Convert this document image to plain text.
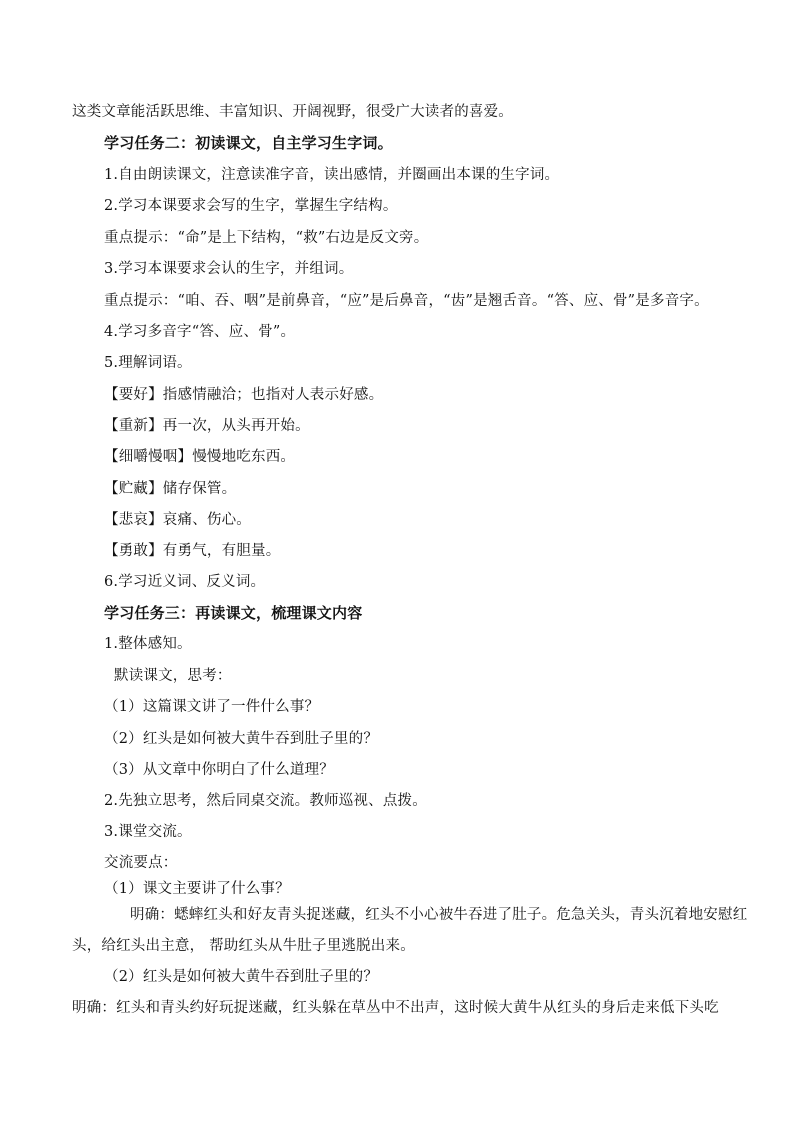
这类文章能活跃思维、丰富知识、开阔视野，很受广大读者的喜爱。
学习任务二：初读课文，自主学习生字词。
1.自由朗读课文，注意读准字音，读出感情，并圈画出本课的生字词。
2.学习本课要求会写的生字，掌握生字结构。
重点提示：“命”是上下结构，“救”右边是反文旁。
3.学习本课要求会认的生字，并组词。
重点提示：“咱、吞、咽”是前鼻音，“应”是后鼻音，“齿”是翘舌音。“答、应、骨”是多音字。
4.学习多音字“答、应、骨”。
5.理解词语。
【要好】指感情融洽；也指对人表示好感。
【重新】再一次，从头再开始。
【细嚼慢咽】慢慢地吃东西。
【贮藏】储存保管。
【悲哀】哀痛、伤心。
【勇敢】有勇气，有胆量。
6.学习近义词、反义词。
学习任务三：再读课文，梳理课文内容
1.整体感知。
默读课文，思考：
（1）这篇课文讲了一件什么事？
（2）红头是如何被大黄牛吞到肚子里的？
（3）从文章中你明白了什么道理？
2.先独立思考，然后同桌交流。教师巡视、点拨。
3.课堂交流。
交流要点：
（1）课文主要讲了什么事？
明确：蟋蟀红头和好友青头捉迷藏，红头不小心被牛吞进了肚子。危急关头，青头沉着地安慰红
头，给红头出主意， 帮助红头从牛肚子里逃脱出来。
（2）红头是如何被大黄牛吞到肚子里的？
明确：红头和青头约好玩捉迷藏，红头躲在草丛中不出声，这时候大黄牛从红头的身后走来低下头吃
